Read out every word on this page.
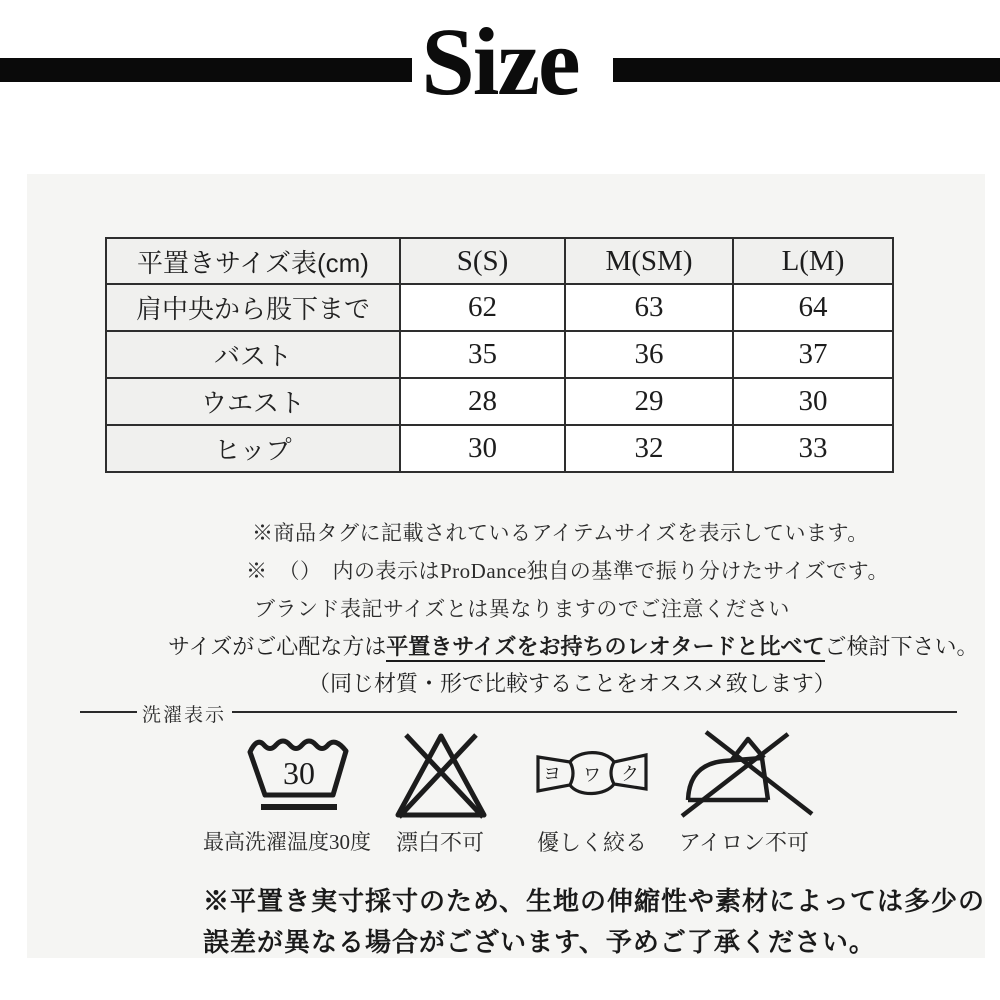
Size
平置きサイズ表(cm)	S(S)	M(SM)	L(M)
肩中央から股下まで	62	63	64
バスト	35	36	37
ウエスト	28	29	30
ヒップ	30	32	33
※商品タグに記載されているアイテムサイズを表示しています。
※　（）　内の表示はProDance独自の基準で振り分けたサイズです。
ブランド表記サイズとは異なりますのでご注意ください
サイズがご心配な方は平置きサイズをお持ちのレオタードと比べてご検討下さい。
（同じ材質・形で比較することをオススメ致します）
洗濯表示
30
最高洗濯温度30度 漂白不可
ヨ ワ ク
優しく絞る アイロン不可
※平置き実寸採寸のため、生地の伸縮性や素材によっては多少の
誤差が異なる場合がございます、予めご了承ください。
